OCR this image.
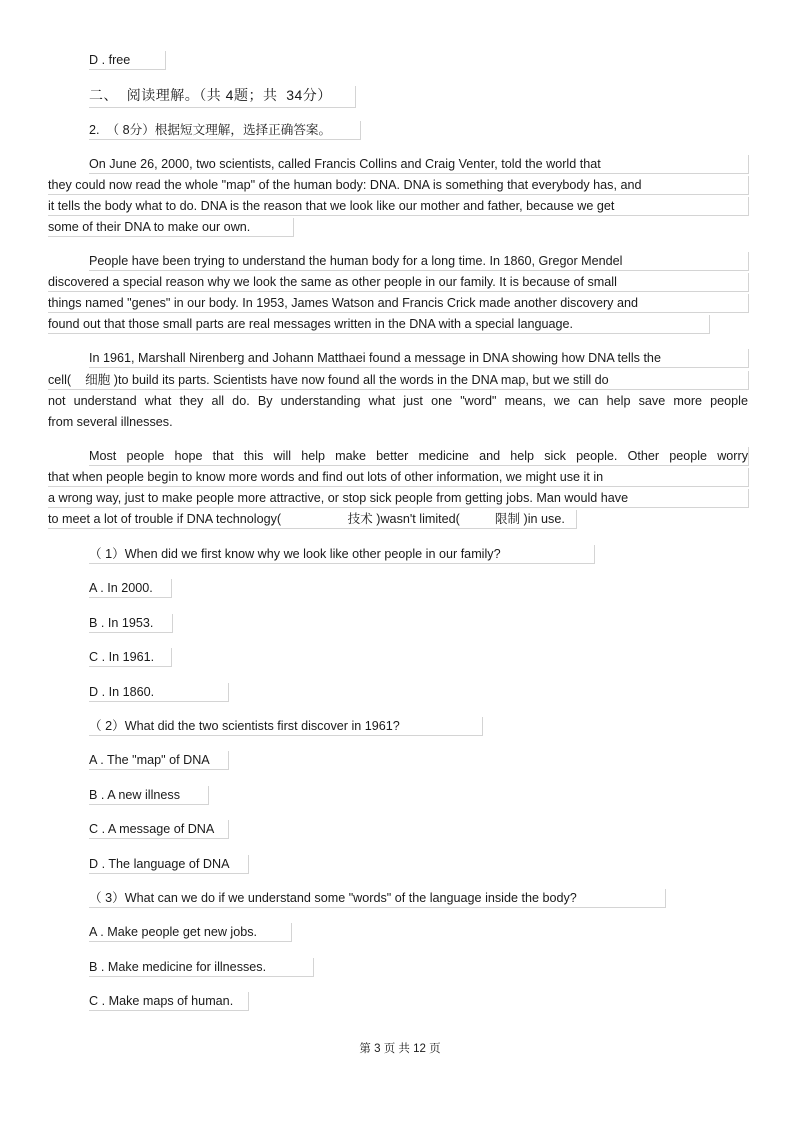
D . free
二、  阅读理解。（共 4题；共  34分）
2.  （ 8分）根据短文理解，选择正确答案。
On June 26, 2000, two scientists, called Francis Collins and Craig Venter, told the world that
they could now read the whole "map" of the human body: DNA. DNA is something that everybody has, and
it tells the body what to do. DNA is the reason that we look like our mother and father, because we get
some of their DNA to make our own.
People have been trying to understand the human body for a long time. In 1860, Gregor Mendel
discovered a special reason why we look the same as other people in our family. It is because of small
things named "genes" in our body. In 1953, James Watson and Francis Crick made another discovery and
found out that those small parts are real messages written in the DNA with a special language.
In 1961, Marshall Nirenberg and Johann Matthaei found a message in DNA showing how DNA tells the
cell(    细胞 )to build its parts. Scientists have now found all the words in the DNA map, but we still do
not understand what they all do. By understanding what just one "word" means, we can help save more people
from several illnesses.
Most people hope that this will help make better medicine and help sick people. Other people worry
that when people begin to know more words and find out lots of other information, we might use it in
a wrong way, just to make people more attractive, or stop sick people from getting jobs. Man would have
to meet a lot of trouble if DNA technology(                   技术 )wasn't limited(          限制 )in use.
（ 1）When did we first know why we look like other people in our family?
A . In 2000.
B . In 1953.
C . In 1961.
D . In 1860.
（ 2）What did the two scientists first discover in 1961?
A . The "map" of DNA
B . A new illness
C . A message of DNA
D . The language of DNA
（ 3）What can we do if we understand some "words" of the language inside the body?
A . Make people get new jobs.
B . Make medicine for illnesses.
C . Make maps of human.
第 3 页 共 12 页
